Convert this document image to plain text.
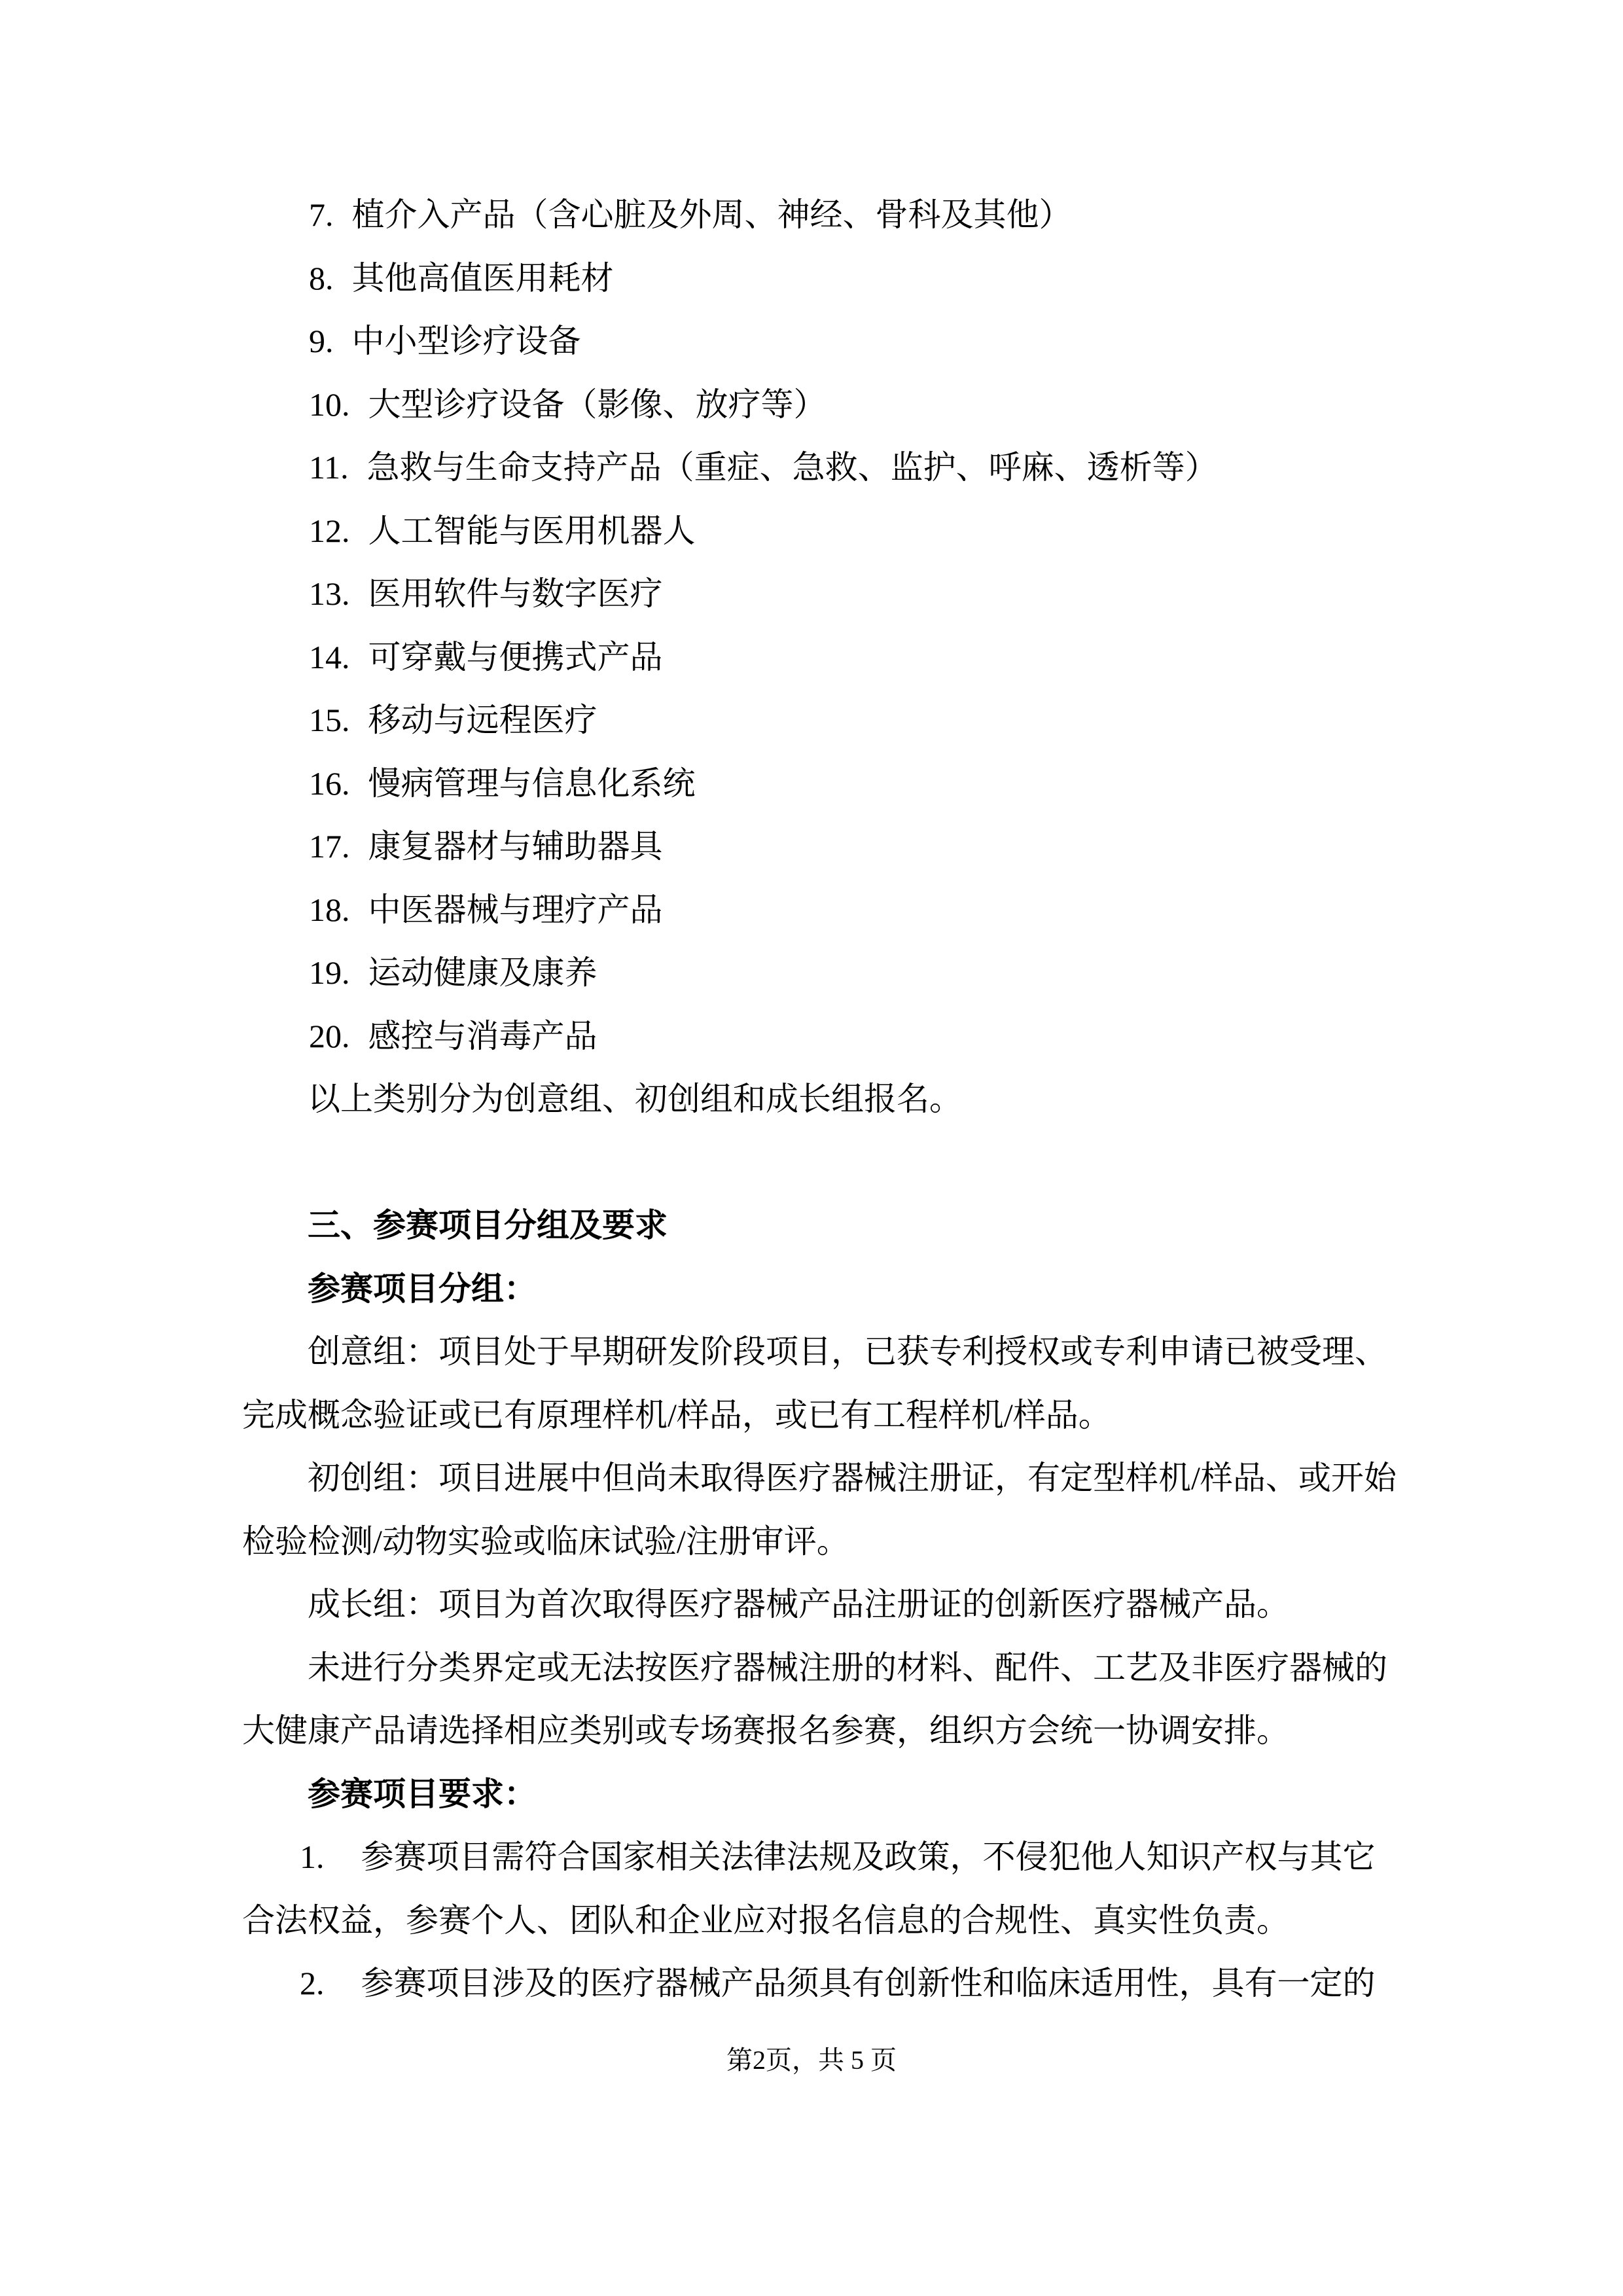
7. 植介入产品（含心脏及外周、神经、骨科及其他）
8. 其他高值医用耗材
9. 中小型诊疗设备
10. 大型诊疗设备（影像、放疗等）
11. 急救与生命支持产品（重症、急救、监护、呼麻、透析等）
12. 人工智能与医用机器人
13. 医用软件与数字医疗
14. 可穿戴与便携式产品
15. 移动与远程医疗
16. 慢病管理与信息化系统
17. 康复器材与辅助器具
18. 中医器械与理疗产品
19. 运动健康及康养
20. 感控与消毒产品
以上类别分为创意组、初创组和成长组报名。
三、参赛项目分组及要求
参赛项目分组：
创意组：项目处于早期研发阶段项目，已获专利授权或专利申请已被受理、
完成概念验证或已有原理样机/样品，或已有工程样机/样品。
初创组：项目进展中但尚未取得医疗器械注册证，有定型样机/样品、或开始
检验检测/动物实验或临床试验/注册审评。
成长组：项目为首次取得医疗器械产品注册证的创新医疗器械产品。
未进行分类界定或无法按医疗器械注册的材料、配件、工艺及非医疗器械的
大健康产品请选择相应类别或专场赛报名参赛，组织方会统一协调安排。
参赛项目要求：
1. 参赛项目需符合国家相关法律法规及政策，不侵犯他人知识产权与其它
合法权益，参赛个人、团队和企业应对报名信息的合规性、真实性负责。
2. 参赛项目涉及的医疗器械产品须具有创新性和临床适用性，具有一定的
第2页，共 5 页
